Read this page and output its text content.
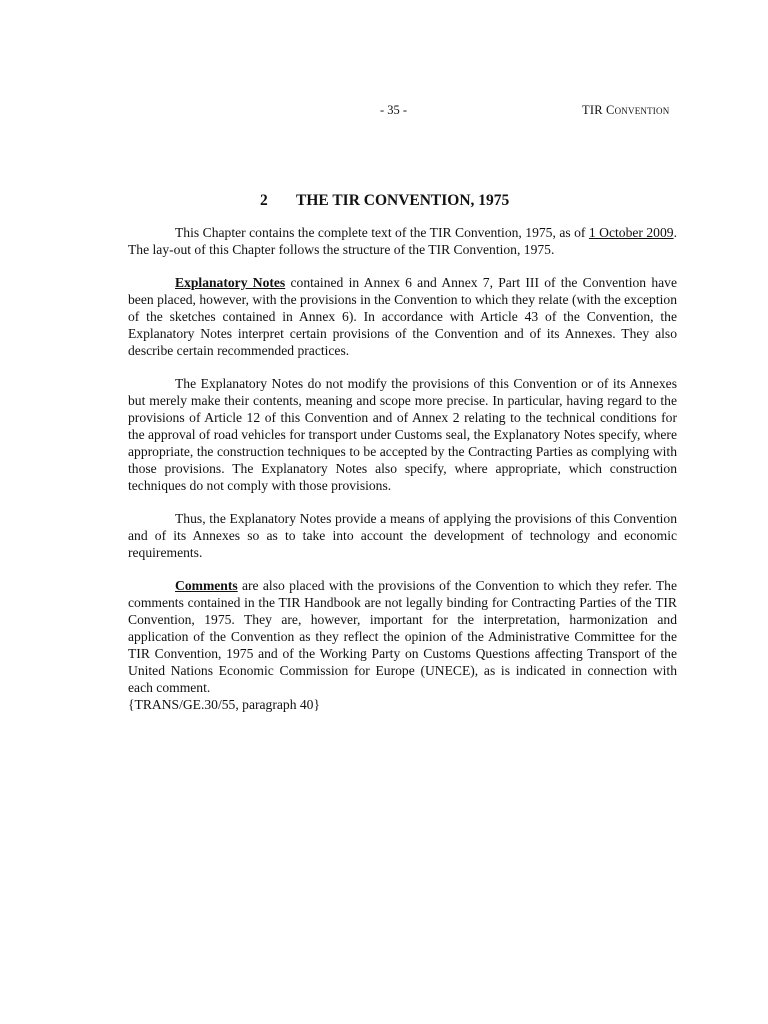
- 35 -	TIR Convention
2 THE TIR CONVENTION, 1975

This Chapter contains the complete text of the TIR Convention, 1975, as of 1 October 2009. The lay-out of this Chapter follows the structure of the TIR Convention, 1975.

Explanatory Notes contained in Annex 6 and Annex 7, Part III of the Convention have been placed, however, with the provisions in the Convention to which they relate (with the exception of the sketches contained in Annex 6). In accordance with Article 43 of the Convention, the Explanatory Notes interpret certain provisions of the Convention and of its Annexes. They also describe certain recommended practices.

The Explanatory Notes do not modify the provisions of this Convention or of its Annexes but merely make their contents, meaning and scope more precise. In particular, having regard to the provisions of Article 12 of this Convention and of Annex 2 relating to the technical conditions for the approval of road vehicles for transport under Customs seal, the Explanatory Notes specify, where appropriate, the construction techniques to be accepted by the Contracting Parties as complying with those provisions. The Explanatory Notes also specify, where appropriate, which construction techniques do not comply with those provisions.

Thus, the Explanatory Notes provide a means of applying the provisions of this Convention and of its Annexes so as to take into account the development of technology and economic requirements.

Comments are also placed with the provisions of the Convention to which they refer. The comments contained in the TIR Handbook are not legally binding for Contracting Parties of the TIR Convention, 1975. They are, however, important for the interpretation, harmonization and application of the Convention as they reflect the opinion of the Administrative Committee for the TIR Convention, 1975 and of the Working Party on Customs Questions affecting Transport of the United Nations Economic Commission for Europe (UNECE), as is indicated in connection with each comment.

{TRANS/GE.30/55, paragraph 40}
